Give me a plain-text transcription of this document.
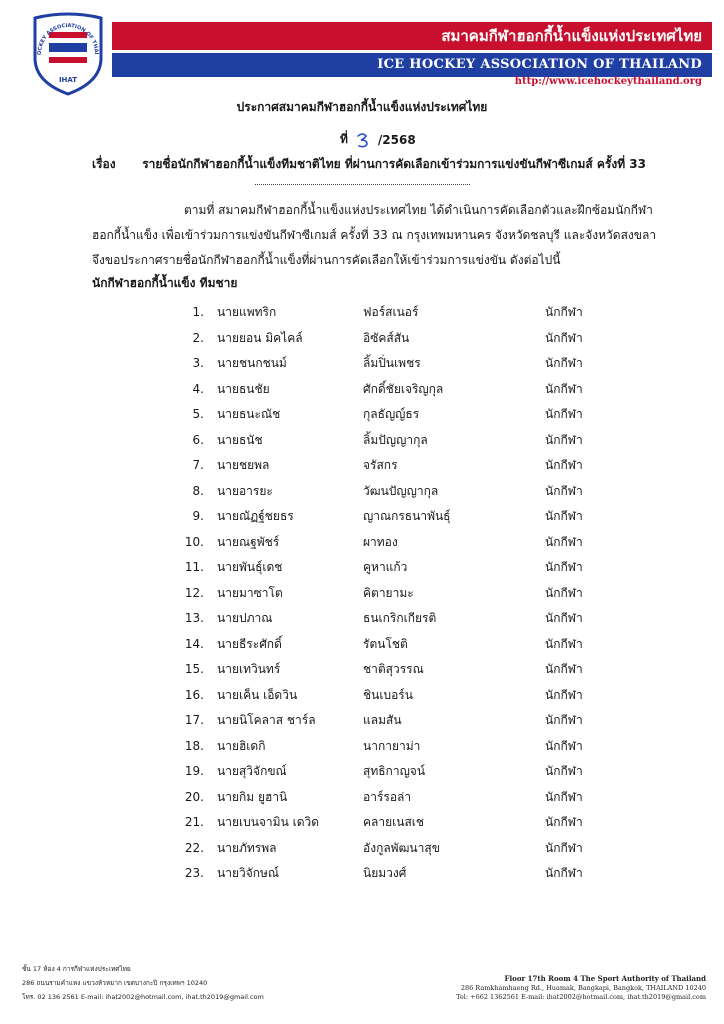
OCKEY ASSOCIATION OF THAI
IHAT
สมาคมกีฬาฮอกกี้น้ำแข็งแห่งประเทศไทย
ICE HOCKEY ASSOCIATION OF THAILAND
http://www.icehockeythailand.org
ประกาศสมาคมกีฬาฮอกกี้น้ำแข็งแห่งประเทศไทย
ที่	/2568
เรื่อง รายชื่อนักกีฬาฮอกกี้น้ำแข็งทีมชาติไทย ที่ผ่านการคัดเลือกเข้าร่วมการแข่งขันกีฬาซีเกมส์ ครั้งที่ 33
ตามที่ สมาคมกีฬาฮอกกี้น้ำแข็งแห่งประเทศไทย ได้ดำเนินการคัดเลือกตัวและฝึกซ้อมนักกีฬา
ฮอกกี้น้ำแข็ง เพื่อเข้าร่วมการแข่งขันกีฬาซีเกมส์ ครั้งที่ 33 ณ กรุงเทพมหานคร จังหวัดชลบุรี และจังหวัดสงขลา
จึงขอประกาศรายชื่อนักกีฬาฮอกกี้น้ำแข็งที่ผ่านการคัดเลือกให้เข้าร่วมการแข่งขัน ดังต่อไปนี้
นักกีฬาฮอกกี้น้ำแข็ง ทีมชาย
1. นายแพทริก	ฟอร์สเนอร์	นักกีฬา
2. นายยอน มิคไคล์	อิซัคส์สัน	นักกีฬา
3. นายชนกชนม์	ลิ้มปิ่นเพชร	นักกีฬา
4. นายธนชัย	ศักดิ์ชัยเจริญกุล	นักกีฬา
5. นายธนะณัช	กุลธัญญ์ธร	นักกีฬา
6. นายธนัช	ลิ้มปัญญากุล	นักกีฬา
7. นายชยพล	จรัสกร	นักกีฬา
8. นายอารยะ	วัฒนปัญญากุล	นักกีฬา
9. นายณัฏฐ์ชยธร	ญาณกรธนาพันธุ์	นักกีฬา
10. นายณฐพัชร์	ผาทอง	นักกีฬา
11. นายพันธุ์เดช	คูหาแก้ว	นักกีฬา
12. นายมาซาโต	คิตายามะ	นักกีฬา
13. นายปภาณ	ธนเกริกเกียรติ	นักกีฬา
14. นายธีระศักดิ์	รัตนโชติ	นักกีฬา
15. นายเทวินทร์	ชาติสุวรรณ	นักกีฬา
16. นายเค็น เอ็ดวิน	ชินเบอร์น	นักกีฬา
17. นายนิโคลาส ชาร์ล	แลมสัน	นักกีฬา
18. นายฮิเดกิ	นากายาม่า	นักกีฬา
19. นายสุวิจักขณ์	สุทธิกาญจน์	นักกีฬา
20. นายกิม ยูฮานิ	อาร์รอล่า	นักกีฬา
21. นายเบนจามิน เดวิด	คลายเนสเช	นักกีฬา
22. นายภัทรพล	อังกูลพัฒนาสุข	นักกีฬา
23. นายวิจักษณ์	นิยมวงศ์	นักกีฬา
ชั้น 17 ห้อง 4 การกีฬาแห่งประเทศไทย
286 ถนนรามคำแหง แขวงหัวหมาก เขตบางกะปิ กรุงเทพฯ 10240
โทร. 02 136 2561 E-mail: ihat2002@hotmail.com, ihat.th2019@gmail.com
Floor 17th Room 4 The Sport Authority of Thailand
286 Ramkhamhaeng Rd., Huamak, Bangkapi, Bangkok, THAILAND 10240
Tel: +662 1362561 E-mail: ihat2002@hotmail.com, ihat.th2019@gmail.com
